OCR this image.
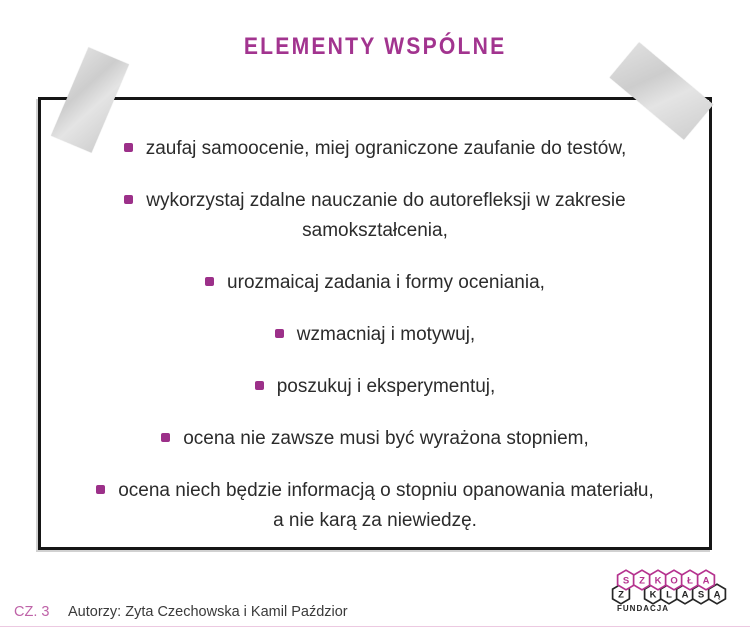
ELEMENTY WSPÓLNE
zaufaj samoocenie, miej ograniczone zaufanie do testów,
wykorzystaj zdalne nauczanie do autorefleksji w zakresie
samokształcenia,
urozmaicaj zadania i formy oceniania,
wzmacniaj i motywuj,
poszukuj i eksperymentuj,
ocena nie zawsze musi być wyrażona stopniem,
ocena niech będzie informacją o stopniu opanowania materiału,
a nie karą za niewiedzę.
CZ. 3 Autorzy: Zyta Czechowska i Kamil Paździor
Z	K L A S Ą
S Z K O Ł A
FUNDACJA
